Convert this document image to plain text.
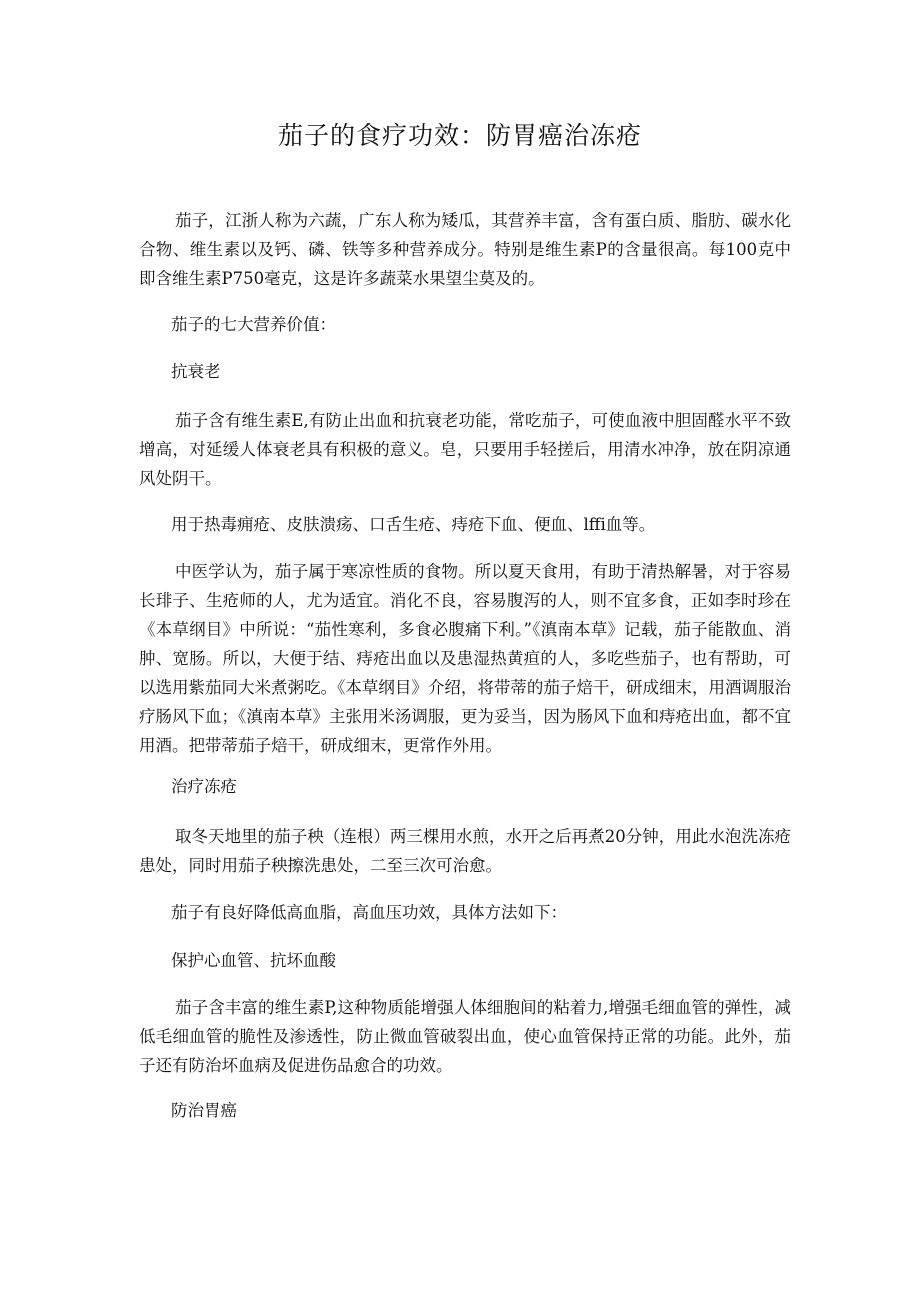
茄子的食疗功效：防胃癌治冻疮

茄子，江浙人称为六蔬，广东人称为矮瓜，其营养丰富，含有蛋白质、脂肪、碳水化合物、维生素以及钙、磷、铁等多种营养成分。特别是维生素P的含量很高。每100克中即含维生素P750毫克，这是许多蔬菜水果望尘莫及的。

茄子的七大营养价值：

抗衰老

茄子含有维生素E,有防止出血和抗衰老功能，常吃茄子，可使血液中胆固醛水平不致增高，对延缓人体衰老具有积极的意义。皂，只要用手轻搓后，用清水冲净，放在阴凉通风处阴干。

用于热毒痈疮、皮肤溃疡、口舌生疮、痔疮下血、便血、lffi血等。

中医学认为，茄子属于寒凉性质的食物。所以夏天食用，有助于清热解暑，对于容易长琲子、生疮师的人，尤为适宜。消化不良，容易腹泻的人，则不宜多食，正如李时珍在《本草纲目》中所说：“茄性寒利，多食必腹痛下利。”《滇南本草》记载，茄子能散血、消肿、宽肠。所以，大便于结、痔疮出血以及患湿热黄疸的人，多吃些茄子，也有帮助，可以选用紫茄同大米煮粥吃。《本草纲目》介绍，将带蒂的茄子焙干，研成细末，用酒调服治疗肠风下血；《滇南本草》主张用米汤调服，更为妥当，因为肠风下血和痔疮出血，都不宜用酒。把带蒂茄子焙干，研成细末，更常作外用。

治疗冻疮

取冬天地里的茄子秧（连根）两三棵用水煎，水开之后再煮20分钟，用此水泡洗冻疮患处，同时用茄子秧擦洗患处，二至三次可治愈。

茄子有良好降低高血脂，高血压功效，具体方法如下：

保护心血管、抗坏血酸

茄子含丰富的维生素P,这种物质能增强人体细胞间的粘着力,增强毛细血管的弹性，减低毛细血管的脆性及渗透性，防止微血管破裂出血，使心血管保持正常的功能。此外，茄子还有防治坏血病及促进伤品愈合的功效。

防治胃癌
